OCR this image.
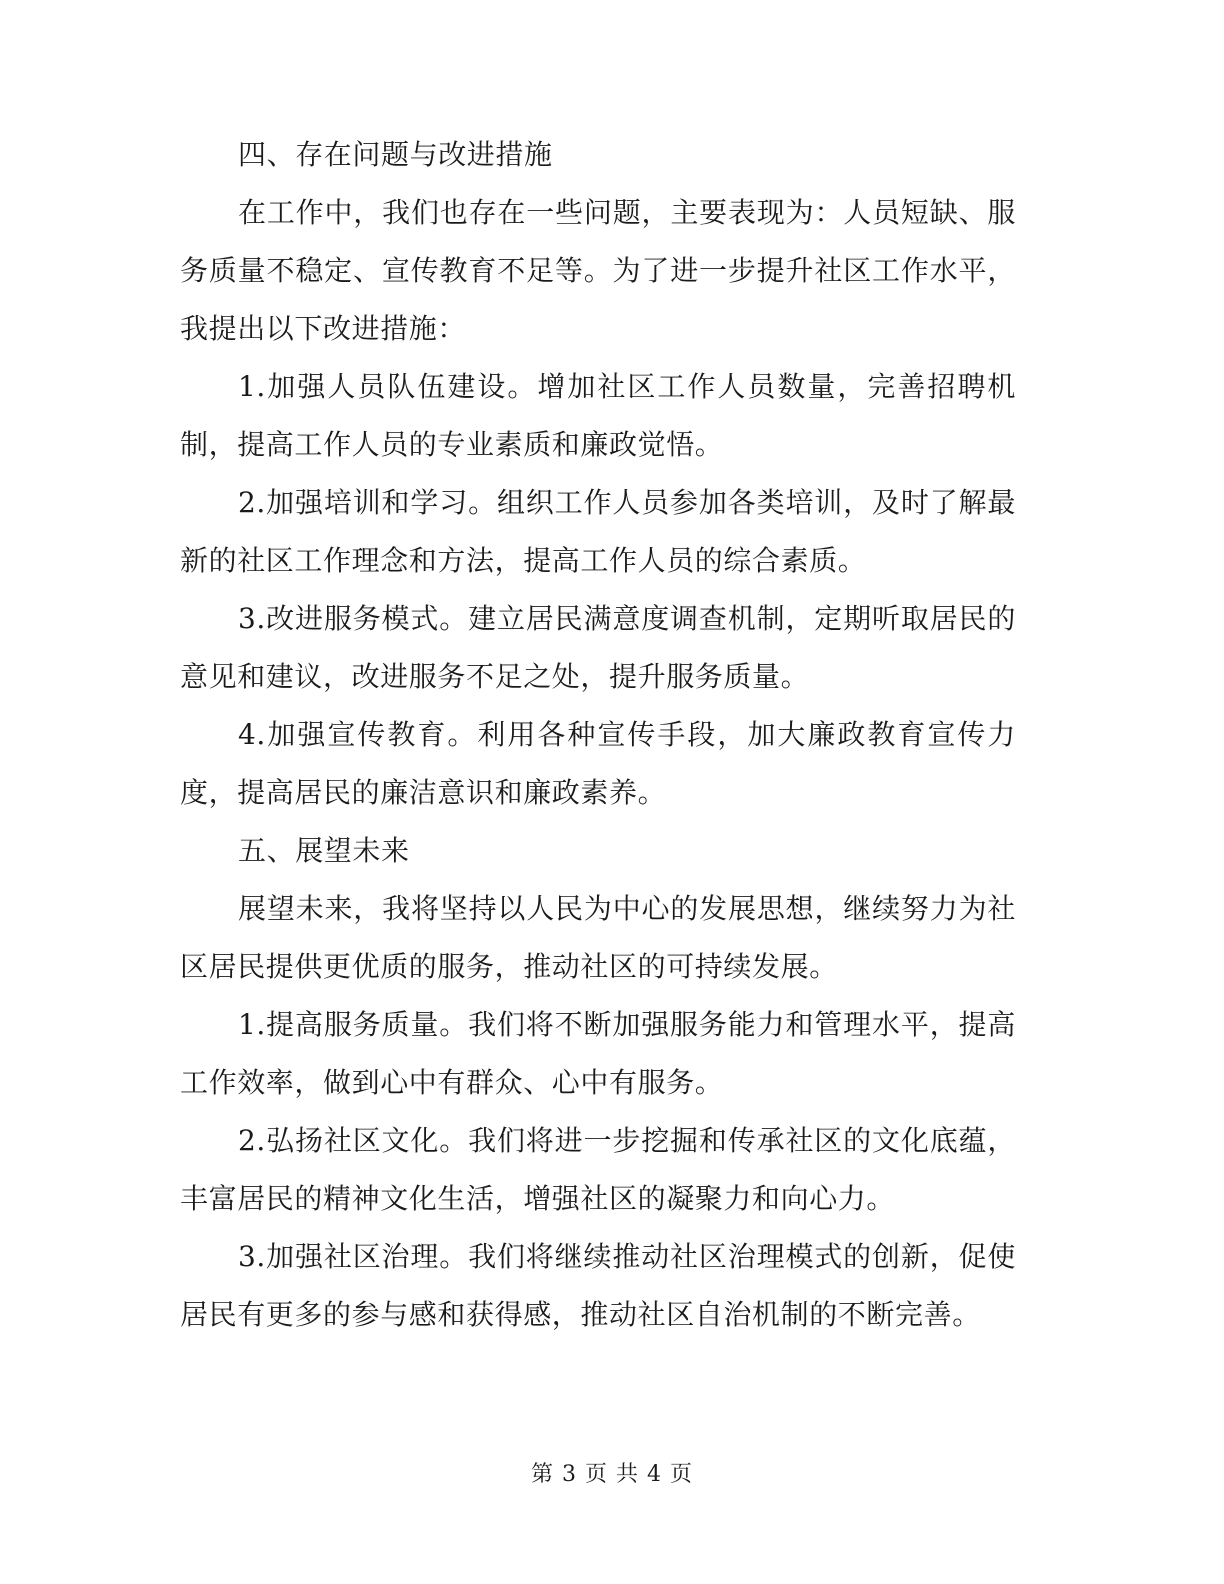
四、存在问题与改进措施

在工作中，我们也存在一些问题，主要表现为：人员短缺、服务质量不稳定、宣传教育不足等。为了进一步提升社区工作水平，我提出以下改进措施：

1.加强人员队伍建设。增加社区工作人员数量，完善招聘机制，提高工作人员的专业素质和廉政觉悟。

2.加强培训和学习。组织工作人员参加各类培训，及时了解最新的社区工作理念和方法，提高工作人员的综合素质。

3.改进服务模式。建立居民满意度调查机制，定期听取居民的意见和建议，改进服务不足之处，提升服务质量。

4.加强宣传教育。利用各种宣传手段，加大廉政教育宣传力度，提高居民的廉洁意识和廉政素养。

五、展望未来

展望未来，我将坚持以人民为中心的发展思想，继续努力为社区居民提供更优质的服务，推动社区的可持续发展。

1.提高服务质量。我们将不断加强服务能力和管理水平，提高工作效率，做到心中有群众、心中有服务。

2.弘扬社区文化。我们将进一步挖掘和传承社区的文化底蕴，丰富居民的精神文化生活，增强社区的凝聚力和向心力。

3.加强社区治理。我们将继续推动社区治理模式的创新，促使居民有更多的参与感和获得感，推动社区自治机制的不断完善。

第 3 页 共 4 页
